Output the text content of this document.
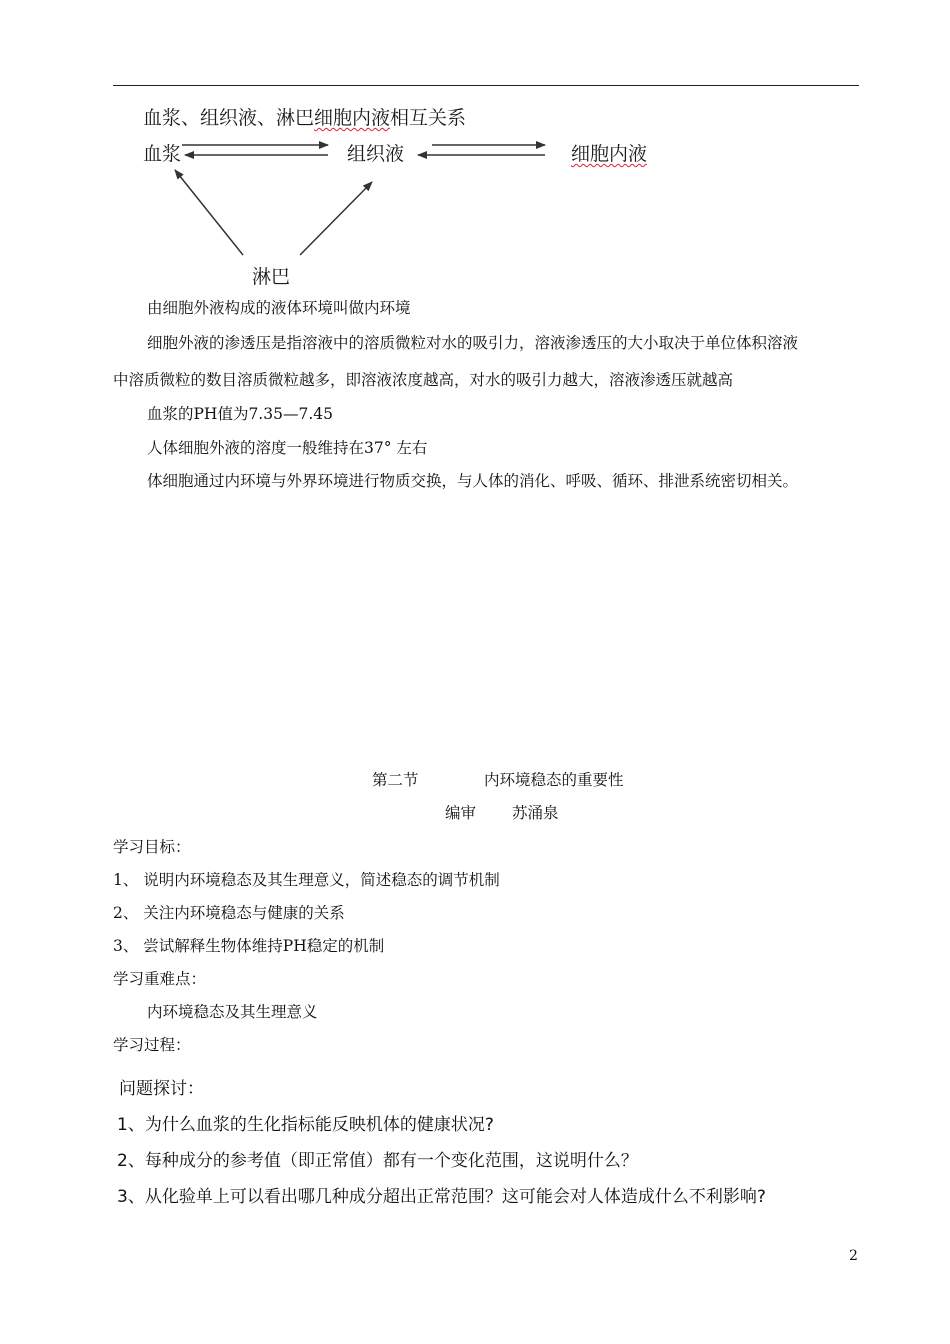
血浆、组织液、淋巴细胞内液相互关系
血浆	组织液	细胞内液
淋巴
由细胞外液构成的液体环境叫做内环境
细胞外液的渗透压是指溶液中的溶质微粒对水的吸引力，溶液渗透压的大小取决于单位体积溶液
中溶质微粒的数目溶质微粒越多，即溶液浓度越高，对水的吸引力越大，溶液渗透压就越高
血浆的PH值为7.35—7.45
人体细胞外液的溶度一般维持在37° 左右
体细胞通过内环境与外界环境进行物质交换，与人体的消化、呼吸、循环、排泄系统密切相关。
第二节	内环境稳态的重要性
编审 苏涌泉
学习目标：
1、 说明内环境稳态及其生理意义，简述稳态的调节机制
2、 关注内环境稳态与健康的关系
3、 尝试解释生物体维持PH稳定的机制
学习重难点：
内环境稳态及其生理意义
学习过程：
问题探讨：
1、为什么血浆的生化指标能反映机体的健康状况?
2、每种成分的参考值（即正常值）都有一个变化范围，这说明什么？
3、从化验单上可以看出哪几种成分超出正常范围？这可能会对人体造成什么不利影响?
2
